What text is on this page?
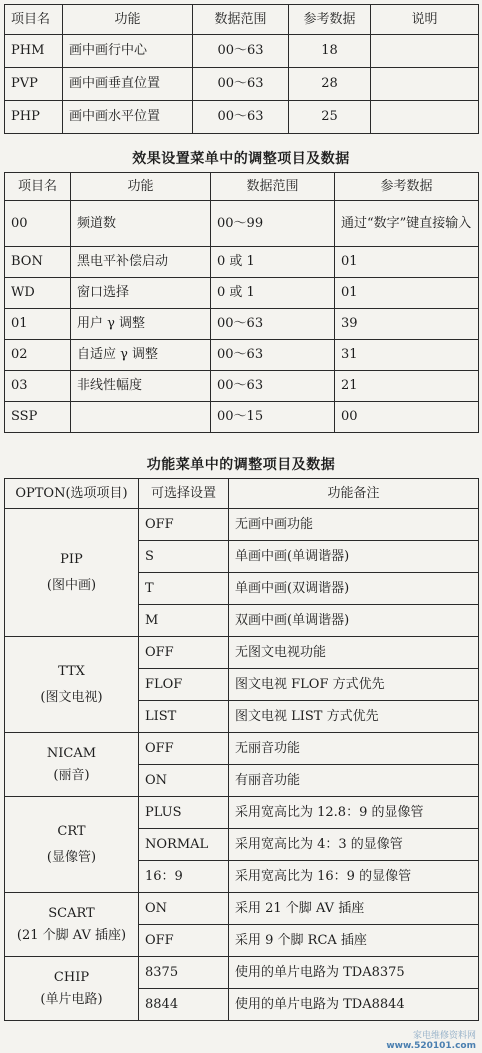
项目名	功能	数据范围	参考数据	说明
PHM	画中画行中心	00～63	18	
PVP	画中画垂直位置	00～63	28	
PHP	画中画水平位置	00～63	25	
效果设置菜单中的调整项目及数据
项目名	功能	数据范围	参考数据
00	频道数	00～99	通过“数字”键直接输入
BON	黑电平补偿启动	0 或 1	01
WD	窗口选择	0 或 1	01
01	用户 γ 调整	00～63	39
02	自适应 γ 调整	00～63	31
03	非线性幅度	00～63	21
SSP		00～15	00
功能菜单中的调整项目及数据
OPTON(选项项目)	可选择设置	功能备注

PIP
(图中画)	OFF	无画中画功能
	S	单画中画(单调谐器)
	T	单画中画(双调谐器)
	M	双画中画(单调谐器)

TTX
(图文电视)	OFF	无图文电视功能
	FLOF	图文电视 FLOF 方式优先
	LIST	图文电视 LIST 方式优先

NICAM
(丽音)	OFF	无丽音功能
	ON	有丽音功能

CRT
(显像管)	PLUS	采用宽高比为 12.8：9 的显像管
	NORMAL	采用宽高比为 4：3 的显像管
	16：9	采用宽高比为 16：9 的显像管

SCART
(21 个脚 AV 插座)	ON	采用 21 个脚 AV 插座
	OFF	采用 9 个脚 RCA 插座

CHIP
(单片电路)	8375	使用的单片电路为 TDA8375
	8844	使用的单片电路为 TDA8844
家电维修资料网
www.520101.com
